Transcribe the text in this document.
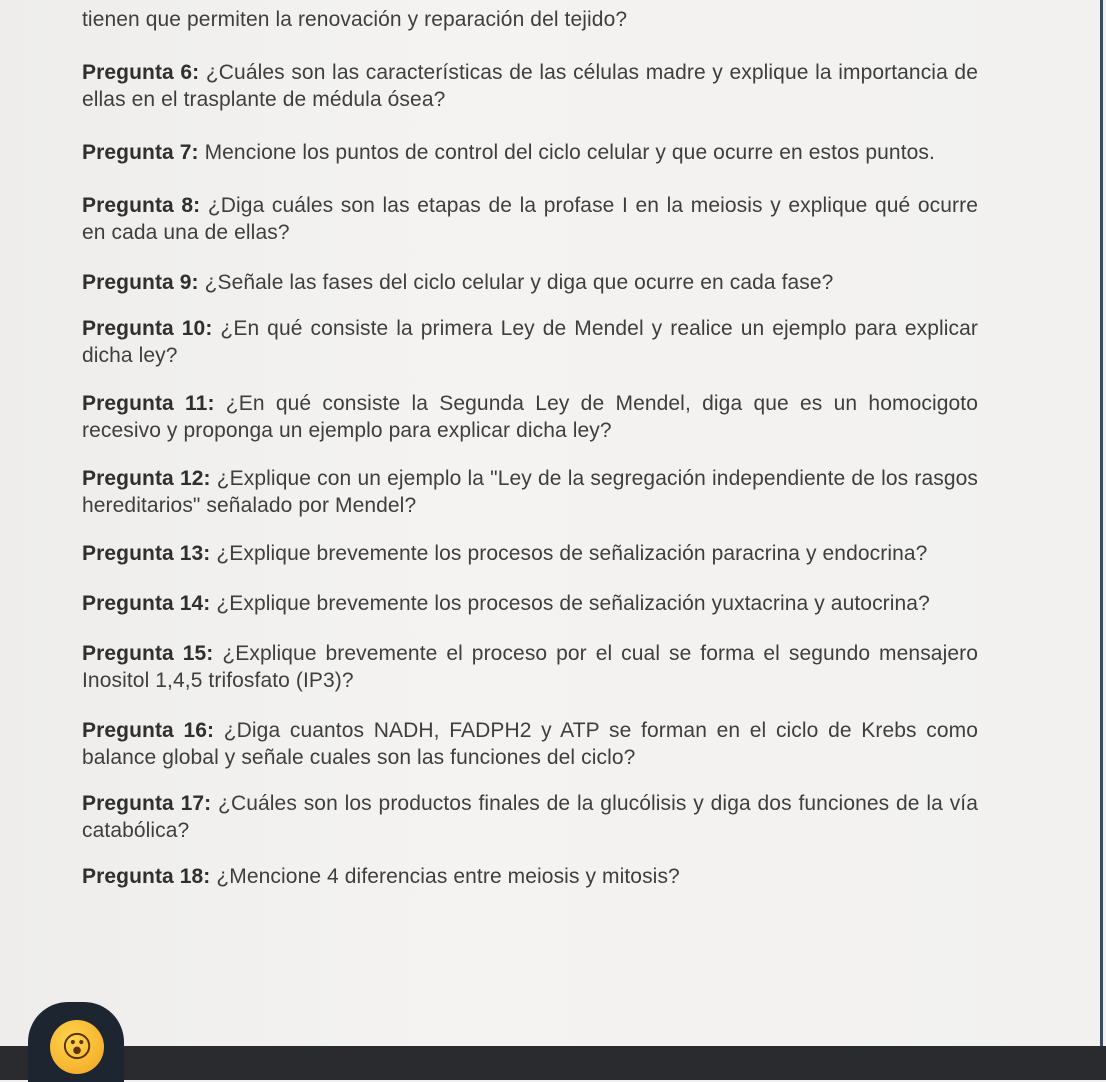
tienen que permiten la renovación y reparación del tejido?

Pregunta 6: ¿Cuáles son las características de las células madre y explique la importancia de ellas en el trasplante de médula ósea?

Pregunta 7: Mencione los puntos de control del ciclo celular y que ocurre en estos puntos.

Pregunta 8: ¿Diga cuáles son las etapas de la profase I en la meiosis y explique qué ocurre en cada una de ellas?

Pregunta 9: ¿Señale las fases del ciclo celular y diga que ocurre en cada fase?

Pregunta 10: ¿En qué consiste la primera Ley de Mendel y realice un ejemplo para explicar dicha ley?

Pregunta 11: ¿En qué consiste la Segunda Ley de Mendel, diga que es un homocigoto recesivo y proponga un ejemplo para explicar dicha ley?

Pregunta 12: ¿Explique con un ejemplo la "Ley de la segregación independiente de los rasgos hereditarios" señalado por Mendel?

Pregunta 13: ¿Explique brevemente los procesos de señalización paracrina y endocrina?

Pregunta 14: ¿Explique brevemente los procesos de señalización yuxtacrina y autocrina?

Pregunta 15: ¿Explique brevemente el proceso por el cual se forma el segundo mensajero Inositol 1,4,5 trifosfato (IP3)?

Pregunta 16: ¿Diga cuantos NADH, FADPH2 y ATP se forman en el ciclo de Krebs como balance global y señale cuales son las funciones del ciclo?

Pregunta 17: ¿Cuáles son los productos finales de la glucólisis y diga dos funciones de la vía catabólica?

Pregunta 18: ¿Mencione 4 diferencias entre meiosis y mitosis?

😮
